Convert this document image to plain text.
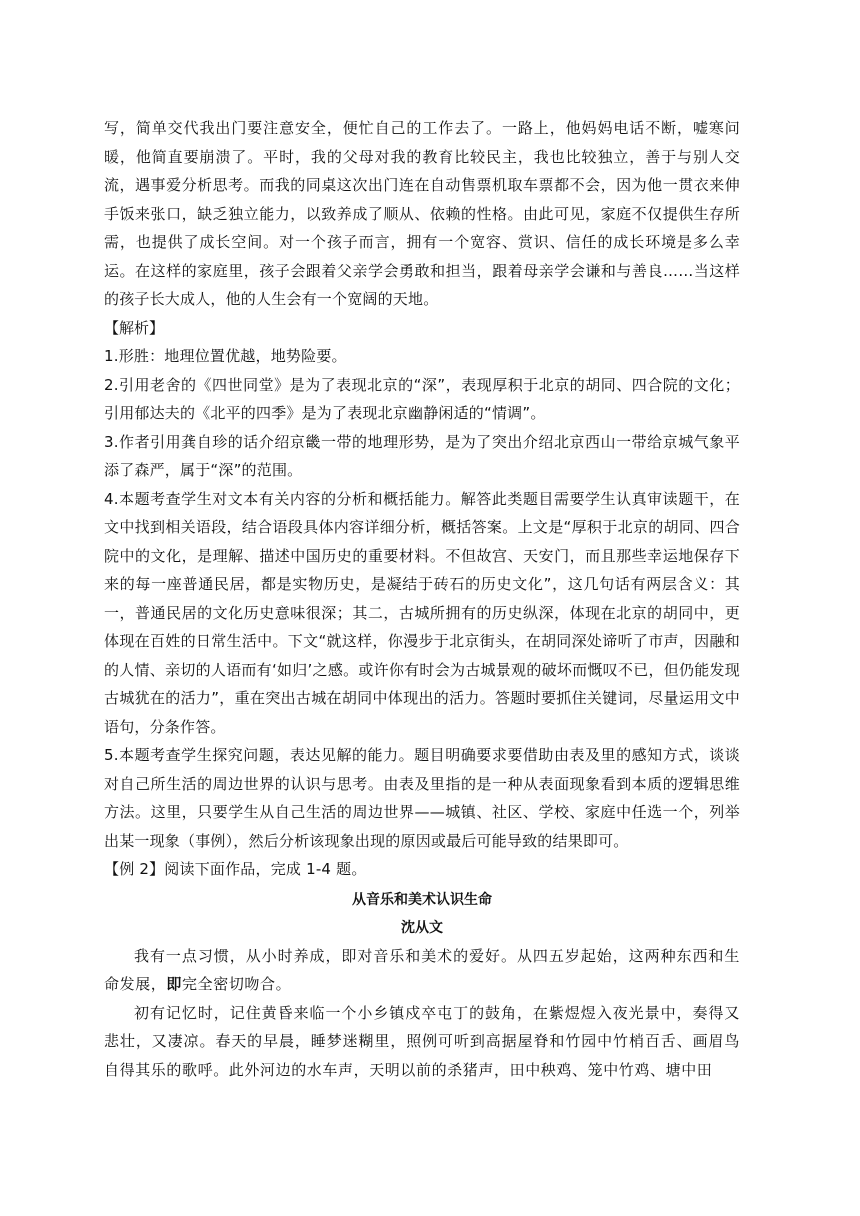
写，简单交代我出门要注意安全，便忙自己的工作去了。一路上，他妈妈电话不断，嘘寒问暖，他简直要崩溃了。平时，我的父母对我的教育比较民主，我也比较独立，善于与别人交流，遇事爱分析思考。而我的同桌这次出门连在自动售票机取车票都不会，因为他一贯衣来伸手饭来张口，缺乏独立能力，以致养成了顺从、依赖的性格。由此可见，家庭不仅提供生存所需，也提供了成长空间。对一个孩子而言，拥有一个宽容、赏识、信任的成长环境是多么幸运。在这样的家庭里，孩子会跟着父亲学会勇敢和担当，跟着母亲学会谦和与善良……当这样的孩子长大成人，他的人生会有一个宽阔的天地。

【解析】

1.形胜：地理位置优越，地势险要。

2.引用老舍的《四世同堂》是为了表现北京的“深”，表现厚积于北京的胡同、四合院的文化；引用郁达夫的《北平的四季》是为了表现北京幽静闲适的“情调”。

3.作者引用龚自珍的话介绍京畿一带的地理形势，是为了突出介绍北京西山一带给京城气象平添了森严，属于“深”的范围。

4.本题考查学生对文本有关内容的分析和概括能力。解答此类题目需要学生认真审读题干，在文中找到相关语段，结合语段具体内容详细分析，概括答案。上文是“厚积于北京的胡同、四合院中的文化，是理解、描述中国历史的重要材料。不但故宫、天安门，而且那些幸运地保存下来的每一座普通民居，都是实物历史，是凝结于砖石的历史文化”，这几句话有两层含义：其一，普通民居的文化历史意味很深；其二，古城所拥有的历史纵深，体现在北京的胡同中，更体现在百姓的日常生活中。下文“就这样，你漫步于北京街头，在胡同深处谛听了市声，因融和的人情、亲切的人语而有‘如归’之感。或许你有时会为古城景观的破坏而慨叹不已，但仍能发现古城犹在的活力”，重在突出古城在胡同中体现出的活力。答题时要抓住关键词，尽量运用文中语句，分条作答。

5.本题考查学生探究问题，表达见解的能力。题目明确要求要借助由表及里的感知方式，谈谈对自己所生活的周边世界的认识与思考。由表及里指的是一种从表面现象看到本质的逻辑思维方法。这里，只要学生从自己生活的周边世界——城镇、社区、学校、家庭中任选一个，列举出某一现象（事例），然后分析该现象出现的原因或最后可能导致的结果即可。

【例 2】阅读下面作品，完成 1-4 题。

从音乐和美术认识生命

沈从文

我有一点习惯，从小时养成，即对音乐和美术的爱好。从四五岁起始，这两种东西和生命发展，即完全密切吻合。

初有记忆时，记住黄昏来临一个小乡镇戍卒屯丁的鼓角，在紫煜煜入夜光景中，奏得又悲壮，又凄凉。春天的早晨，睡梦迷糊里，照例可听到高据屋脊和竹园中竹梢百舌、画眉鸟自得其乐的歌呼。此外河边的水车声，天明以前的杀猪声，田中秧鸡、笼中竹鸡、塘中田
